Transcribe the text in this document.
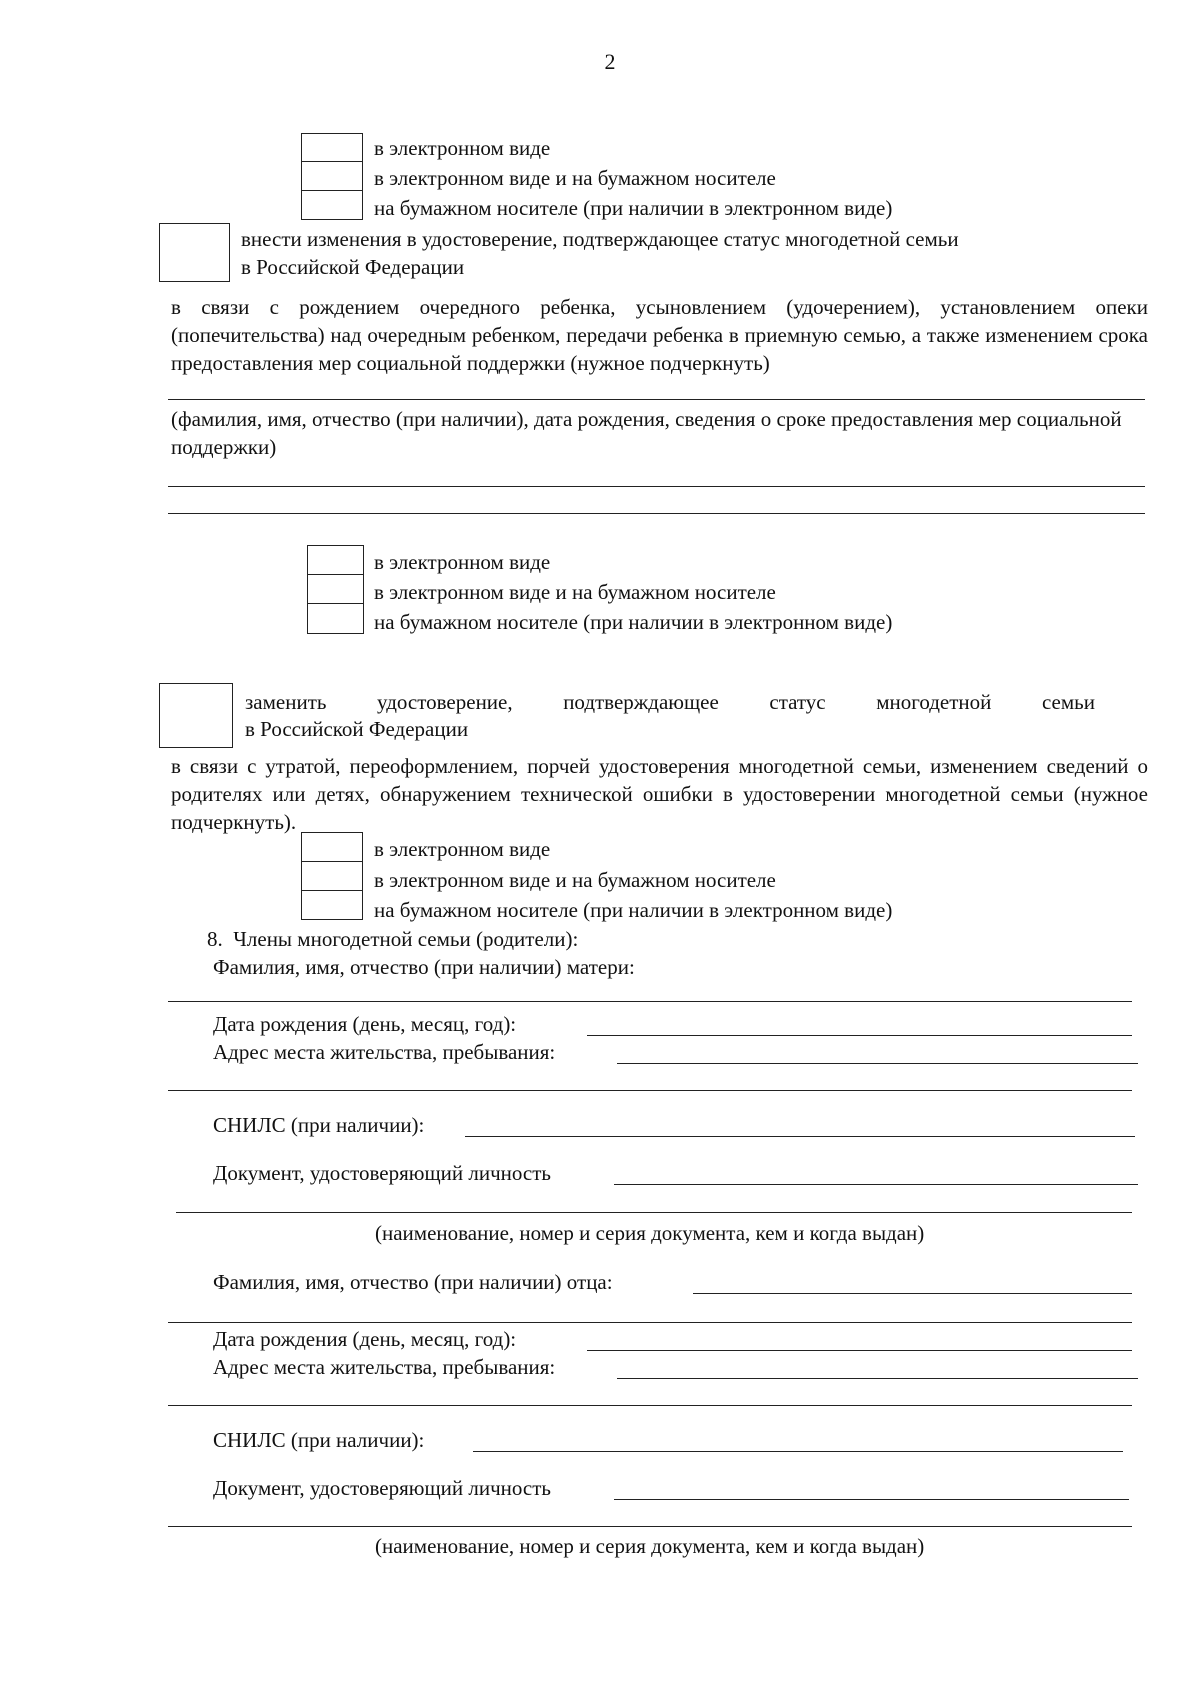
2
в электронном виде
в электронном виде и на бумажном носителе
на бумажном носителе (при наличии в электронном виде)
внести изменения в удостоверение, подтверждающее статус многодетной семьи
в Российской Федерации
в связи с рождением очередного ребенка, усыновлением (удочерением), установлением опеки (попечительства) над очередным ребенком, передачи ребенка в приемную семью, а также изменением срока предоставления мер социальной поддержки (нужное подчеркнуть)
(фамилия, имя, отчество (при наличии), дата рождения, сведения о сроке предоставления мер социальной поддержки)
в электронном виде
в электронном виде и на бумажном носителе
на бумажном носителе (при наличии в электронном виде)
заменить удостоверение, подтверждающее статус многодетной семьи
в Российской Федерации
в связи с утратой, переоформлением, порчей удостоверения многодетной семьи, изменением сведений о родителях или детях, обнаружением технической ошибки в удостоверении многодетной семьи (нужное подчеркнуть).
в электронном виде
в электронном виде и на бумажном носителе
на бумажном носителе (при наличии в электронном виде)
8. Члены многодетной семьи (родители):
Фамилия, имя, отчество (при наличии) матери:
Дата рождения (день, месяц, год):
Адрес места жительства, пребывания:
СНИЛС (при наличии):
Документ, удостоверяющий личность
(наименование, номер и серия документа, кем и когда выдан)
Фамилия, имя, отчество (при наличии) отца:
Дата рождения (день, месяц, год):
Адрес места жительства, пребывания:
СНИЛС (при наличии):
Документ, удостоверяющий личность
(наименование, номер и серия документа, кем и когда выдан)
